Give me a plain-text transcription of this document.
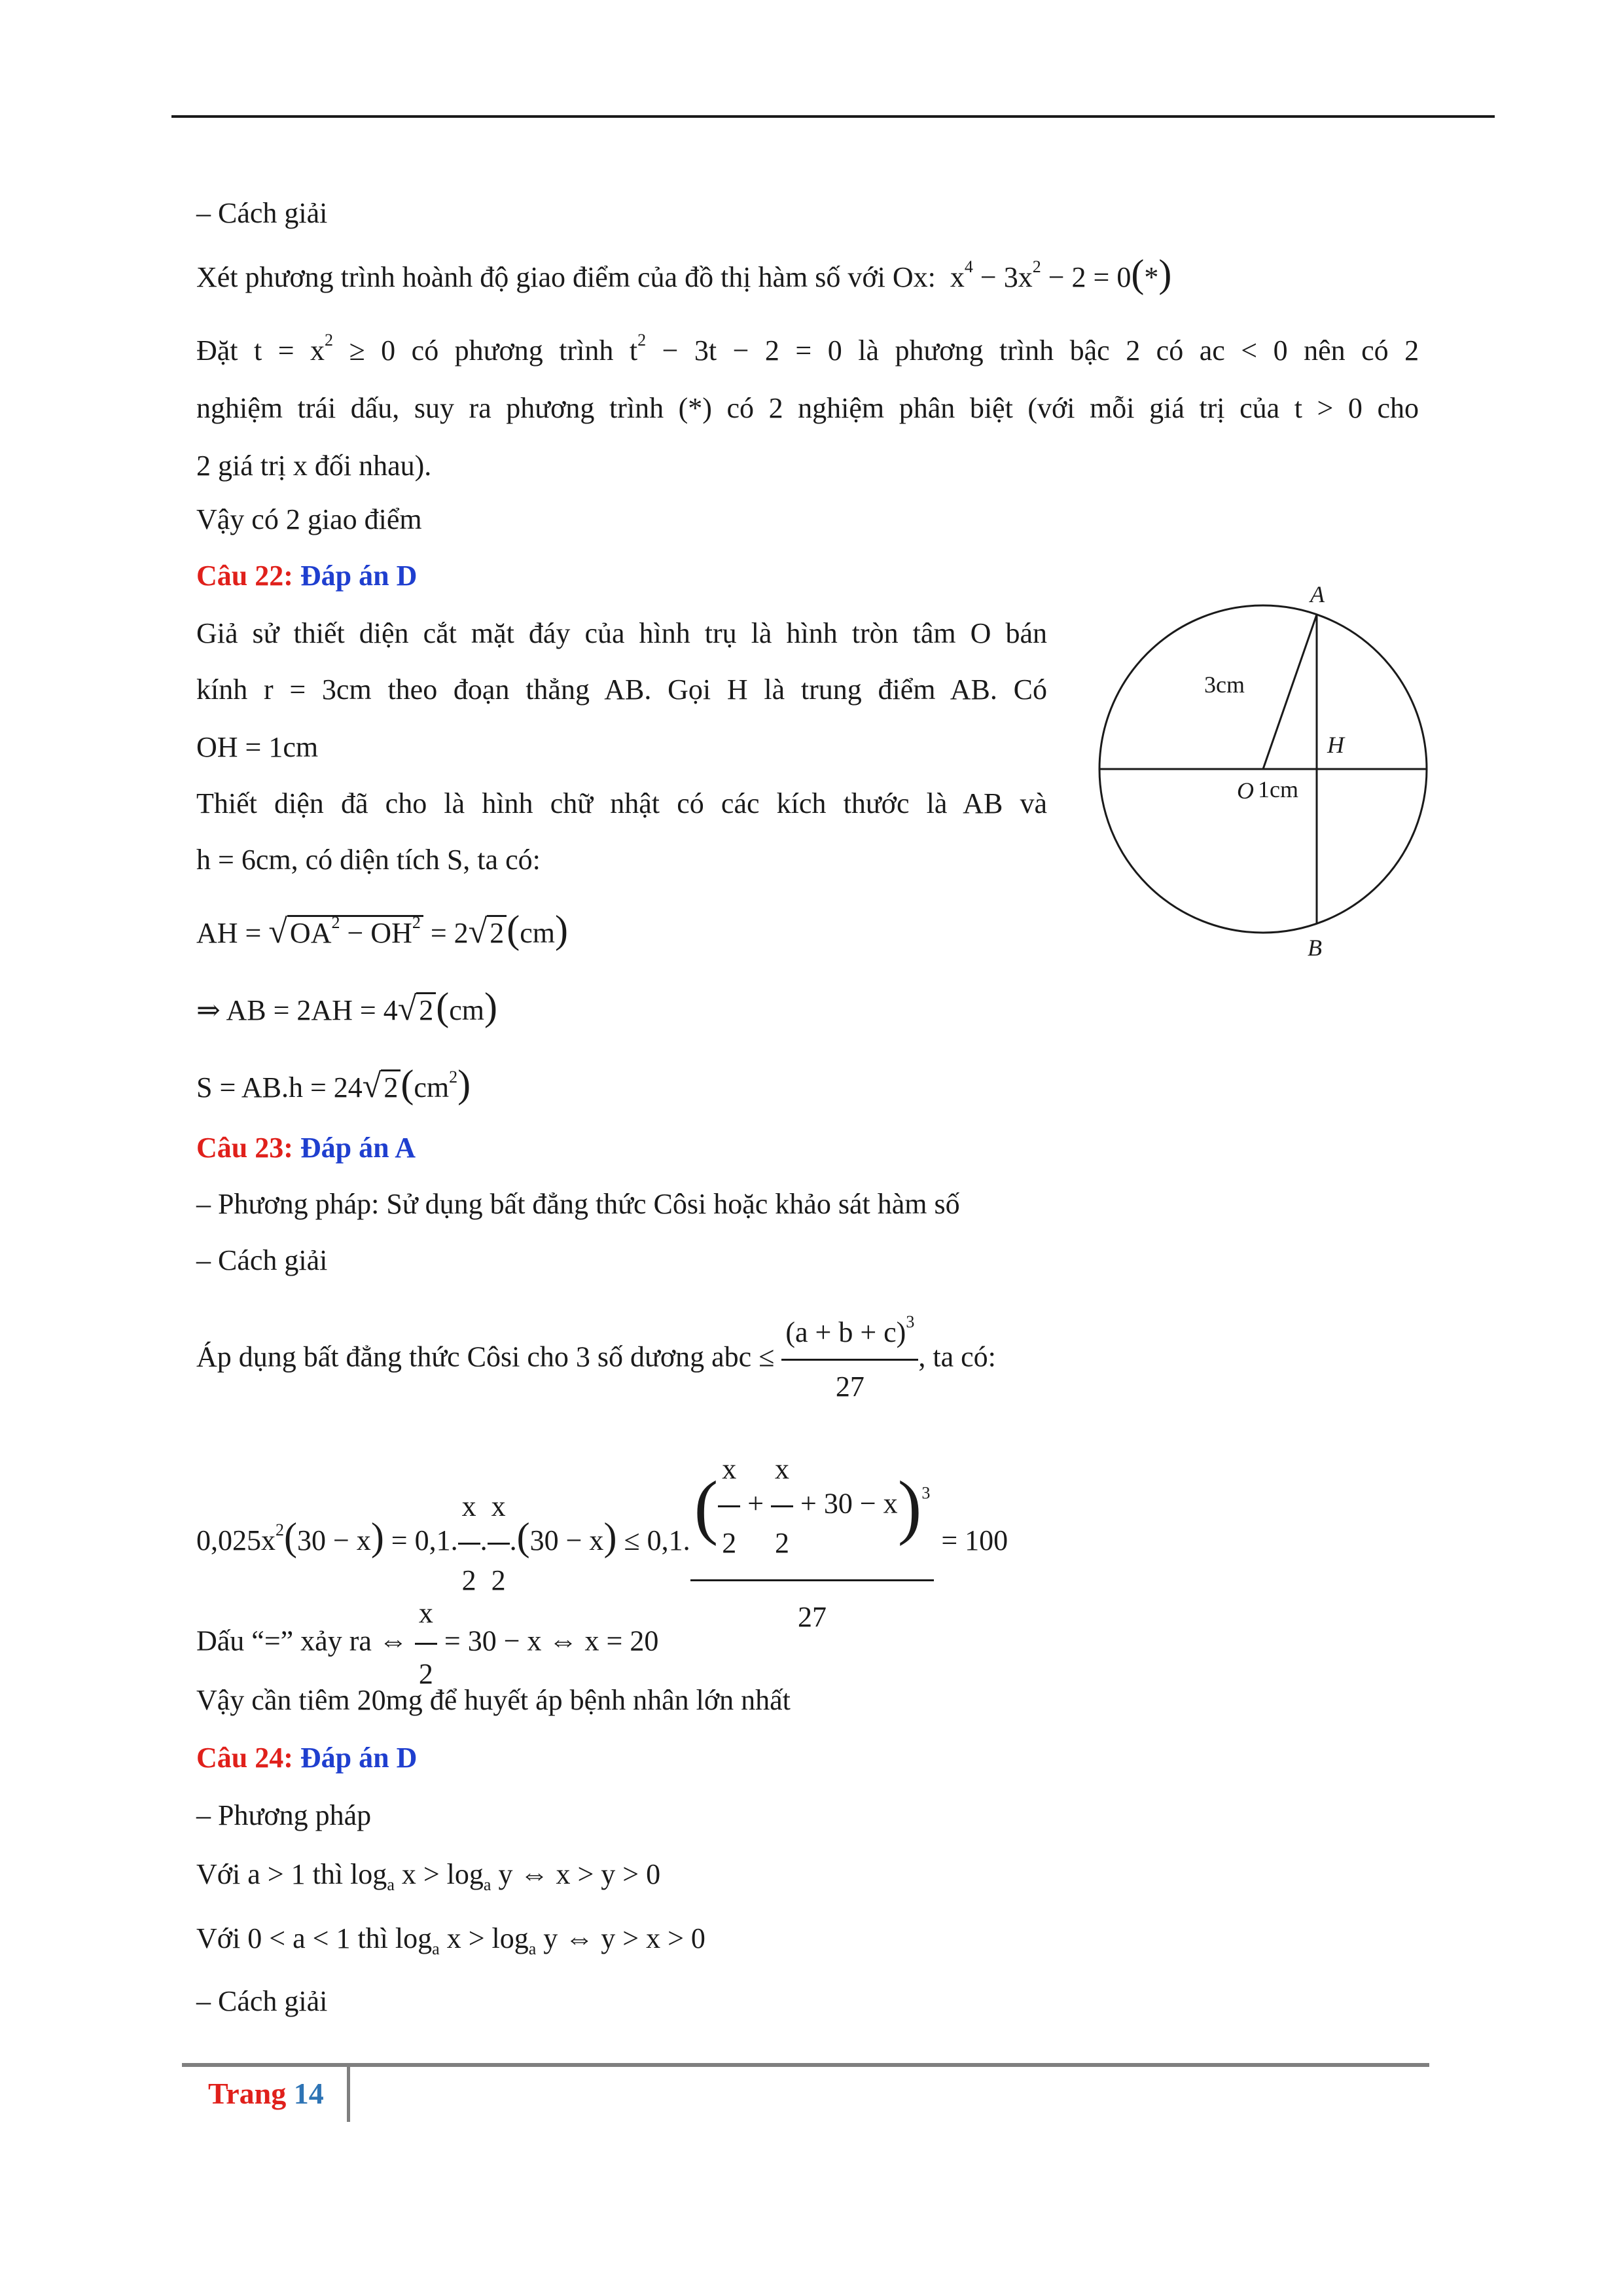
– Cách giải
Xét phương trình hoành độ giao điểm của đồ thị hàm số với Ox:  $x^4 - 3x^2 - 2 = 0(*)$
Đặt $t = x^2 \ge 0$ có phương trình $t^2 - 3t - 2 = 0$ là phương trình bậc 2 có ac < 0 nên có 2
nghiệm trái dấu, suy ra phương trình (*) có 2 nghiệm phân biệt (với mỗi giá trị của t > 0 cho
2 giá trị x đối nhau).
Vậy có 2 giao điểm
Câu 22: Đáp án D
Giả sử thiết diện cắt mặt đáy của hình trụ là hình tròn tâm O bán
kính r = 3cm theo đoạn thẳng AB. Gọi H là trung điểm AB. Có
OH = 1cm
Thiết diện đã cho là hình chữ nhật có các kích thước là AB và
h = 6cm, có diện tích S, ta có:
AH = $√OA^2 - OH^2 = 2√2(cm)$
⇒ AB = 2AH = 4√2(cm)
$S = AB.h = 24√2(cm^2)$
A
B
H
O 1cm
3cm
Câu 23: Đáp án A
– Phương pháp: Sử dụng bất đẳng thức Côsi hoặc khảo sát hàm số
– Cách giải
Áp dụng bất đẳng thức Côsi cho 3 số dương abc ≤ $\frac{(a + b + c)^3}{27}$ , ta có:
$0,025x^2(30 - x) = 0,1$. $\frac{x}{2}$ . $\frac{x}{2} .(30 - x) \le 0,1$. $\frac{( \frac{x}{2} + \frac{x}{2} + 30 - x)^3}{27} = 100$
Dấu “=” xảy ra ⇔ $\frac{x}{2} = 30 - x$ ⇔ x = 20
Vậy cần tiêm 20mg để huyết áp bệnh nhân lớn nhất
Câu 24: Đáp án D
– Phương pháp
Với a > 1 thì $\log_a x > \log_a y$ ⇔ x > y > 0
Với 0 < a < 1 thì $\log_a x > \log_a y$ ⇔ y > x > 0
– Cách giải
Trang 14
